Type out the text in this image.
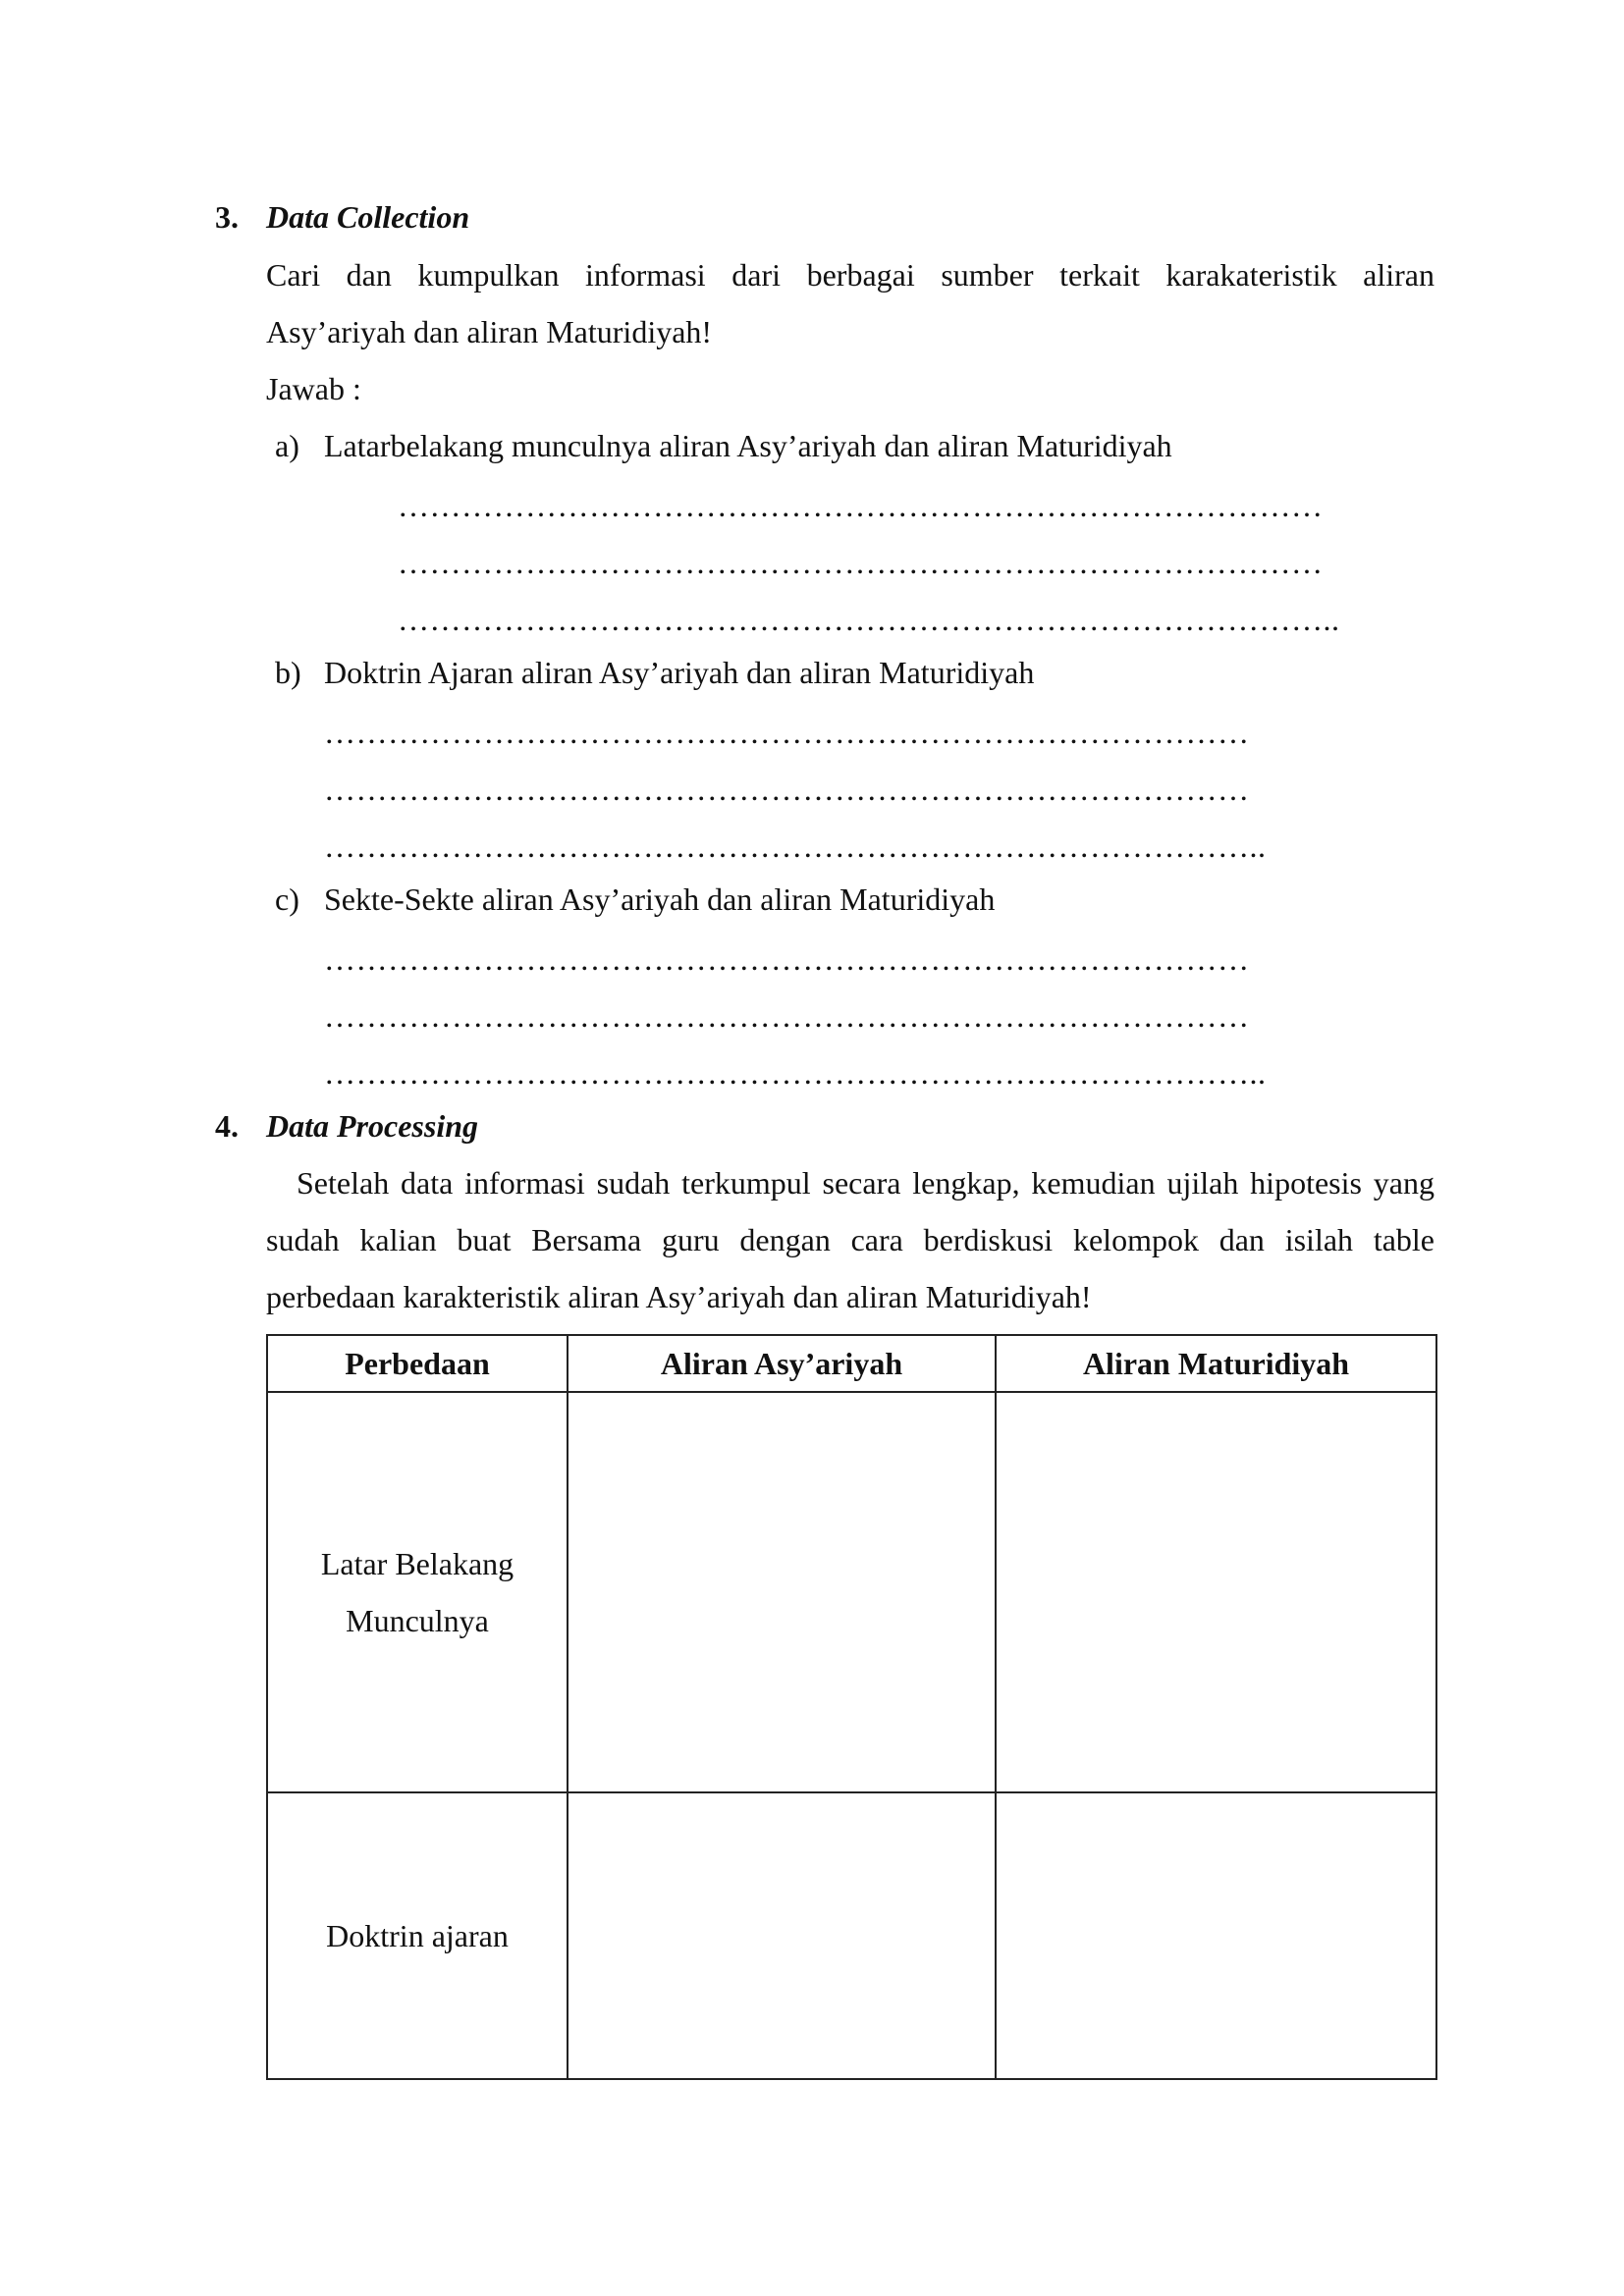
3. Data Collection
Cari dan kumpulkan informasi dari berbagai sumber terkait karakateristik aliran
Asy’ariyah dan aliran Maturidiyah!
Jawab :
a) Latarbelakang munculnya aliran Asy’ariyah dan aliran Maturidiyah
……………………………………………………………………………
……………………………………………………………………………
……………………………………………………………………………..
b) Doktrin Ajaran aliran Asy’ariyah dan aliran Maturidiyah
……………………………………………………………………………
……………………………………………………………………………
……………………………………………………………………………..
c) Sekte-Sekte aliran Asy’ariyah dan aliran Maturidiyah
……………………………………………………………………………
……………………………………………………………………………
……………………………………………………………………………..
4. Data Processing
Setelah data informasi sudah terkumpul secara lengkap, kemudian ujilah hipotesis yang
sudah kalian buat Bersama guru dengan cara berdiskusi kelompok dan isilah table
perbedaan karakteristik aliran Asy’ariyah dan aliran Maturidiyah!
Perbedaan	Aliran Asy’ariyah	Aliran Maturidiyah

Latar Belakang
Munculnya		

Doktrin ajaran		
